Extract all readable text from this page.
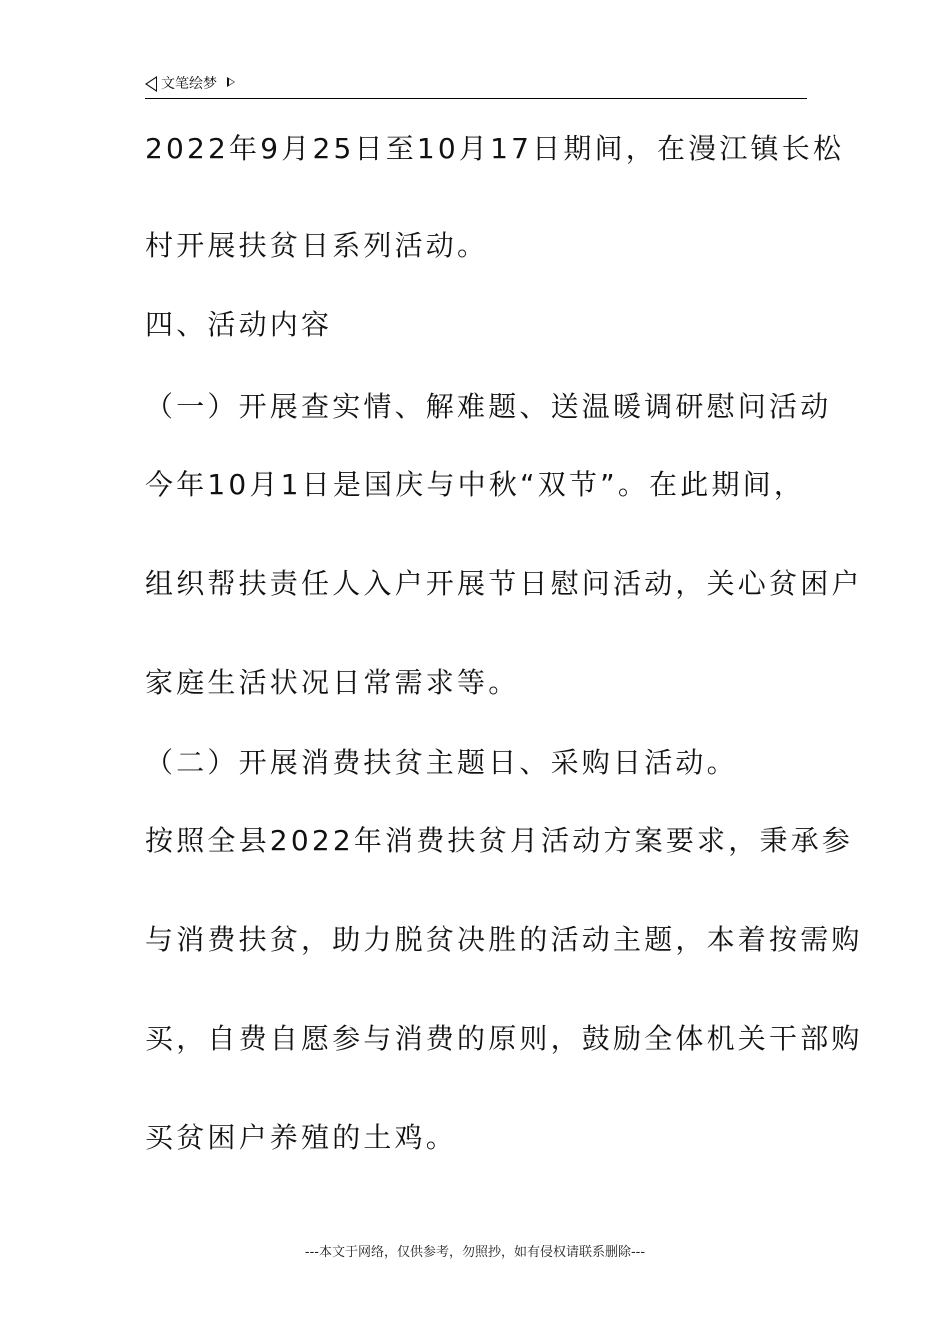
文笔绘梦
2022年9月25日至10月17日期间，在漫江镇长松
村开展扶贫日系列活动。
四、活动内容
（一）开展查实情、解难题、送温暖调研慰问活动
今年10月1日是国庆与中秋“双节”。在此期间，
组织帮扶责任人入户开展节日慰问活动，关心贫困户
家庭生活状况日常需求等。
（二）开展消费扶贫主题日、采购日活动。
按照全县2022年消费扶贫月活动方案要求，秉承参
与消费扶贫，助力脱贫决胜的活动主题，本着按需购
买，自费自愿参与消费的原则，鼓励全体机关干部购
买贫困户养殖的土鸡。
---本文于网络，仅供参考，勿照抄，如有侵权请联系删除---
